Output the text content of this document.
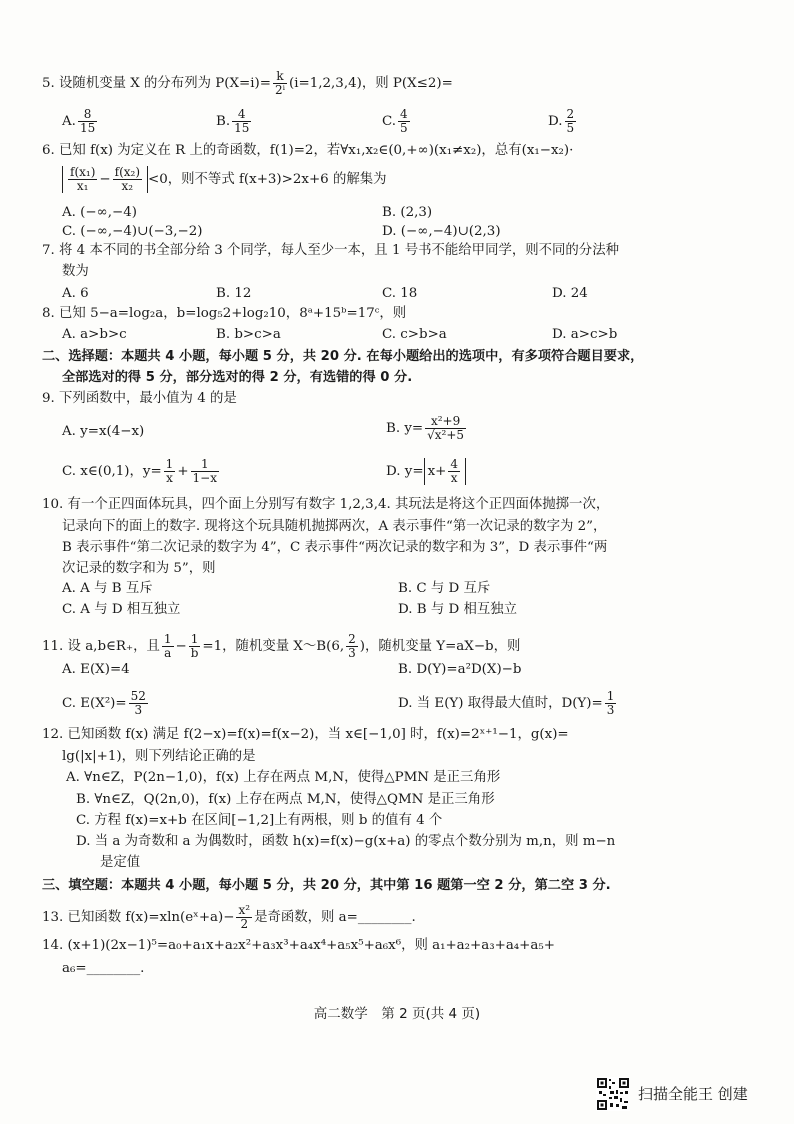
5. 设随机变量 X 的分布列为 $P(X=i)= \frac{k}{\text{2ⁱ}} (i=1,2,3,4)$，则 P(X≤2)=
A. $\frac{8}{15}$	B. $\frac{4}{15}$	C. $\frac{4}{5}$	D. $\frac{2}{5}$
6. 已知 f(x) 为定义在 R 上的奇函数，f(1)=2，若∀x₁,x₂∈(0,+∞)(x₁≠x₂)，总有(x₁−x₂)·
$\frac{\text{f(x₁)}}{\text{x₁}} - \frac{\text{f(x₂)}}{\text{x₂}} <0$，则不等式 f(x+3)>2x+6 的解集为
A. (−∞,−4)	B. (2,3)
C. (−∞,−4)∪(−3,−2)	D. (−∞,−4)∪(2,3)
7. 将 4 本不同的书全部分给 3 个同学，每人至少一本，且 1 号书不能给甲同学，则不同的分法种
数为
A. 6	B. 12	C. 18	D. 24
8. 已知 5−a=log₂a，b=log₅2+log₂10，8ᵃ+15ᵇ=17ᶜ，则
A. a>b>c	B. b>c>a	C. c>b>a	D. a>c>b
二、选择题：本题共 4 小题，每小题 5 分，共 20 分. 在每小题给出的选项中，有多项符合题目要求，
全部选对的得 5 分，部分选对的得 2 分，有选错的得 0 分.
9. 下列函数中，最小值为 4 的是
A. y=x(4−x)	B. $y= \frac{\text{x²+9}}{\text{√x²+5}}$
C. x∈(0,1)，$y= \frac{1}{x} + \frac{1}{1-x}$	D. $y= x+ \frac{4}{x}$
10. 有一个正四面体玩具，四个面上分别写有数字 1,2,3,4. 其玩法是将这个正四面体抛掷一次，
记录向下的面上的数字. 现将这个玩具随机抛掷两次，A 表示事件“第一次记录的数字为 2”，
B 表示事件“第二次记录的数字为 4”，C 表示事件“两次记录的数字和为 3”，D 表示事件“两
次记录的数字和为 5”，则
A. A 与 B 互斥	B. C 与 D 互斥
C. A 与 D 相互独立	D. B 与 D 相互独立
11. 设 a,b∈R₊，且 $\frac{1}{a} - \frac{1}{b} =1$，随机变量 X～B(6, $\frac{2}{3}$ )，随机变量 Y=aX−b，则
A. E(X)=4	B. D(Y)=a²D(X)−b
C. $E(X^2)= \frac{52}{3}$	D. 当 E(Y) 取得最大值时，$D(Y)= \frac{1}{3}$
12. 已知函数 f(x) 满足 f(2−x)=f(x)=f(x−2)，当 x∈[−1,0] 时，f(x)=2ˣ⁺¹−1，g(x)=
lg(|x|+1)，则下列结论正确的是
A. ∀n∈Z，P(2n−1,0)，f(x) 上存在两点 M,N，使得△PMN 是正三角形
B. ∀n∈Z，Q(2n,0)，f(x) 上存在两点 M,N，使得△QMN 是正三角形
C. 方程 f(x)=x+b 在区间[−1,2]上有两根，则 b 的值有 4 个
D. 当 a 为奇数和 a 为偶数时，函数 h(x)=f(x)−g(x+a) 的零点个数分别为 m,n，则 m−n
是定值
三、填空题：本题共 4 小题，每小题 5 分，共 20 分，其中第 16 题第一空 2 分，第二空 3 分.
13. 已知函数 f(x)=xln(eˣ+a)− $\frac{\text{x²}}{2}$ 是奇函数，则 a=________.
14. (x+1)(2x−1)⁵=a₀+a₁x+a₂x²+a₃x³+a₄x⁴+a₅x⁵+a₆x⁶，则 a₁+a₂+a₃+a₄+a₅+
a₆=________.
高二数学　第 2 页(共 4 页)
扫描全能王 创建
